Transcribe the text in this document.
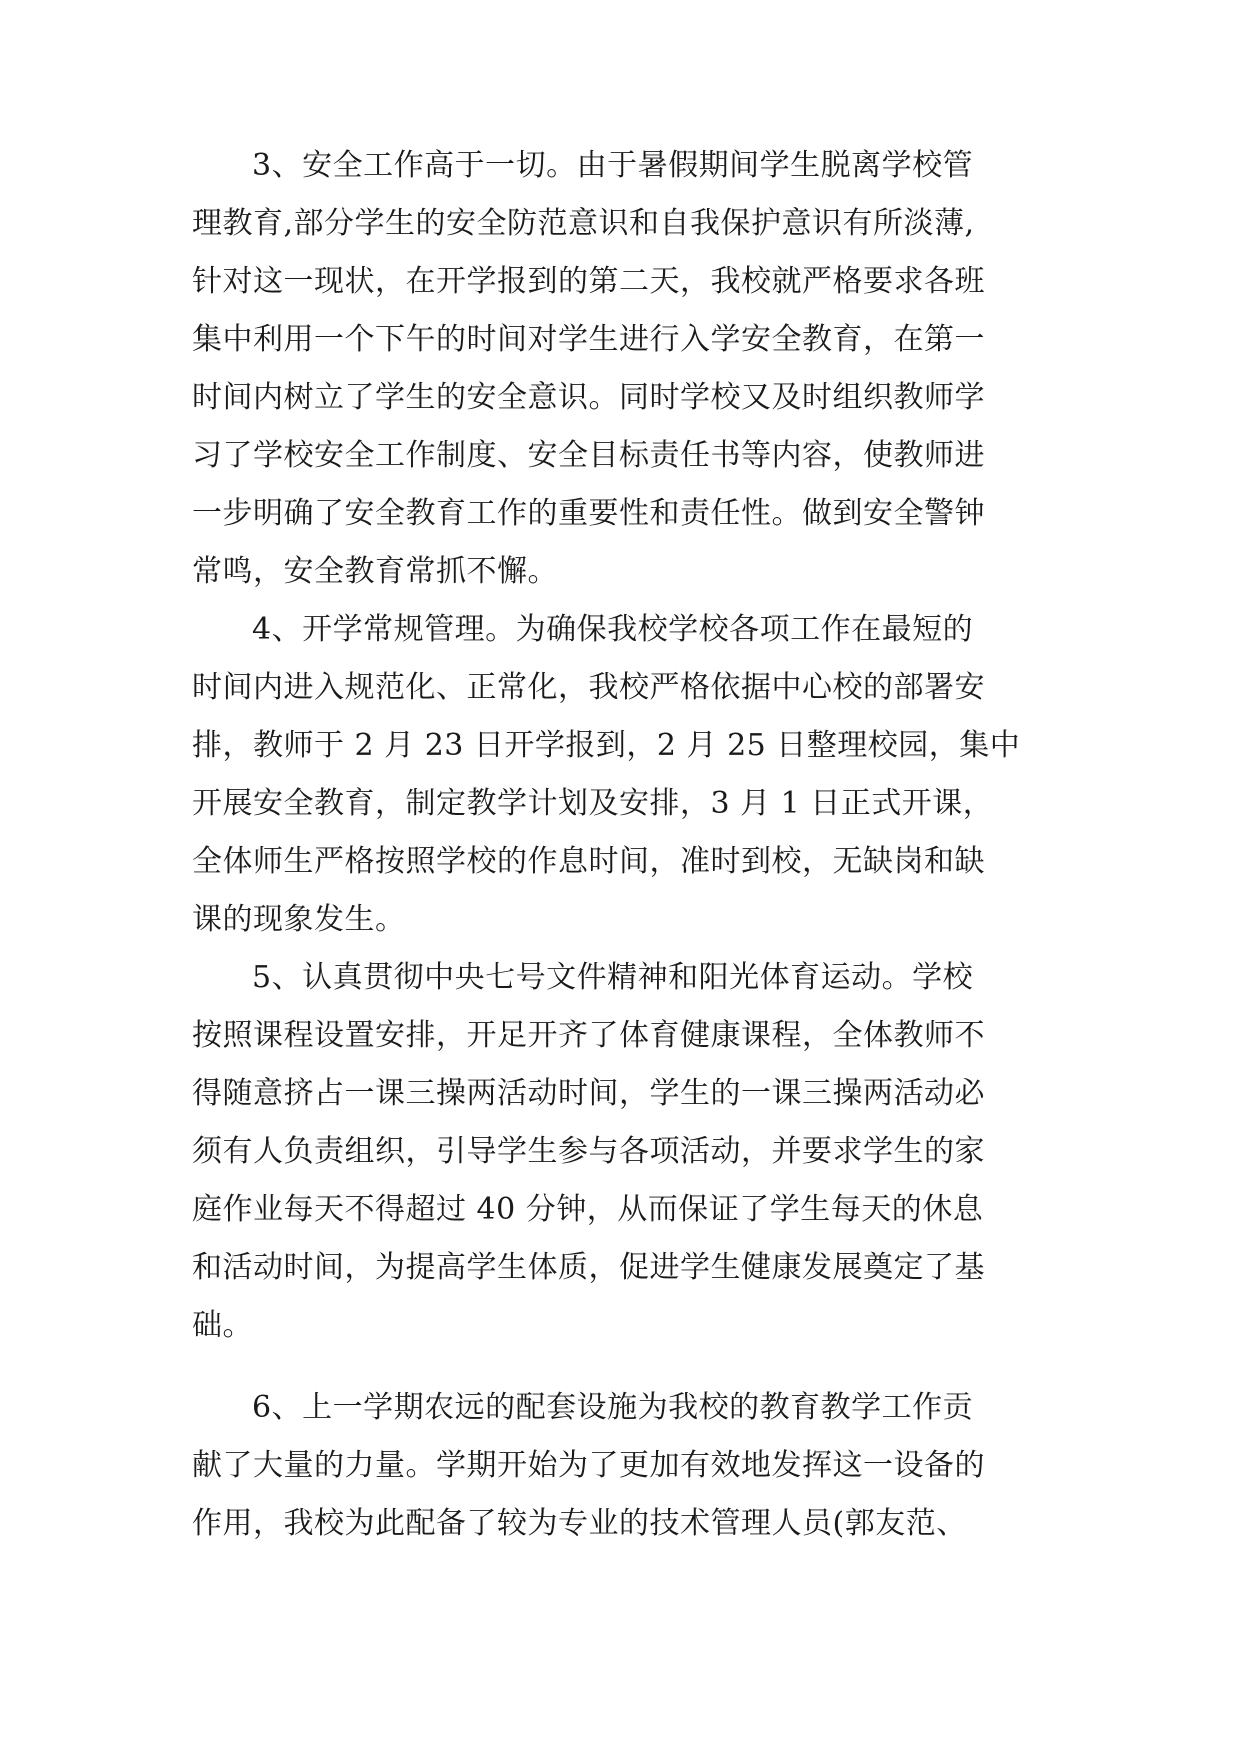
3、安全工作高于一切。由于暑假期间学生脱离学校管
理教育,部分学生的安全防范意识和自我保护意识有所淡薄,
针对这一现状，在开学报到的第二天，我校就严格要求各班
集中利用一个下午的时间对学生进行入学安全教育，在第一
时间内树立了学生的安全意识。同时学校又及时组织教师学
习了学校安全工作制度、安全目标责任书等内容，使教师进
一步明确了安全教育工作的重要性和责任性。做到安全警钟
常鸣，安全教育常抓不懈。
4、开学常规管理。为确保我校学校各项工作在最短的
时间内进入规范化、正常化，我校严格依据中心校的部署安
排，教师于 2 月 23 日开学报到，2 月 25 日整理校园，集中
开展安全教育，制定教学计划及安排，3 月 1 日正式开课，
全体师生严格按照学校的作息时间，准时到校，无缺岗和缺
课的现象发生。
5、认真贯彻中央七号文件精神和阳光体育运动。学校
按照课程设置安排，开足开齐了体育健康课程，全体教师不
得随意挤占一课三操两活动时间，学生的一课三操两活动必
须有人负责组织，引导学生参与各项活动，并要求学生的家
庭作业每天不得超过 40 分钟，从而保证了学生每天的休息
和活动时间，为提高学生体质，促进学生健康发展奠定了基
础。
6、上一学期农远的配套设施为我校的教育教学工作贡
献了大量的力量。学期开始为了更加有效地发挥这一设备的
作用，我校为此配备了较为专业的技术管理人员(郭友范、
